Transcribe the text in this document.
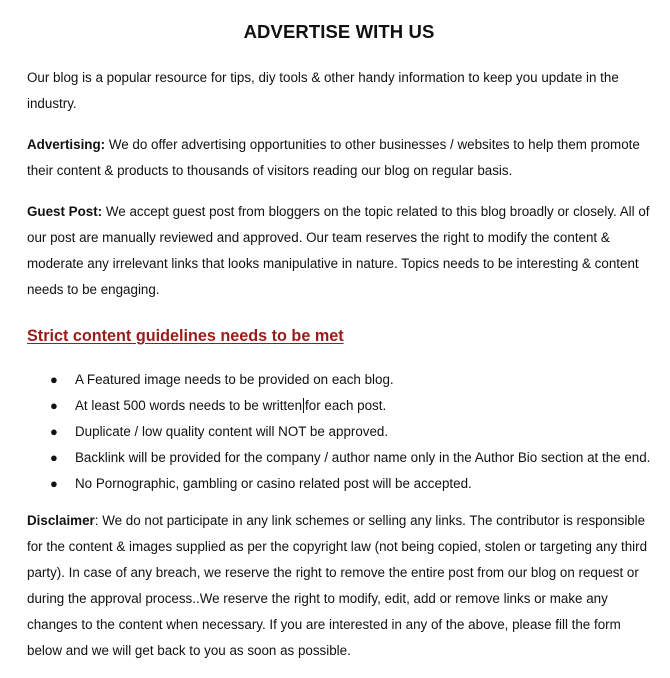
ADVERTISE WITH US

Our blog is a popular resource for tips, diy tools & other handy information to keep you update in the industry.

Advertising: We do offer advertising opportunities to other businesses / websites to help them promote their content & products to thousands of visitors reading our blog on regular basis.

Guest Post: We accept guest post from bloggers on the topic related to this blog broadly or closely. All of our post are manually reviewed and approved. Our team reserves the right to modify the content & moderate any irrelevant links that looks manipulative in nature. Topics needs to be interesting & content needs to be engaging.

Strict content guidelines needs to be met
● A Featured image needs to be provided on each blog.
● At least 500 words needs to be written for each post.
● Duplicate / low quality content will NOT be approved.
● Backlink will be provided for the company / author name only in the Author Bio section at the end.
● No Pornographic, gambling or casino related post will be accepted.

Disclaimer: We do not participate in any link schemes or selling any links. The contributor is responsible for the content & images supplied as per the copyright law (not being copied, stolen or targeting any third party). In case of any breach, we reserve the right to remove the entire post from our blog on request or during the approval process..We reserve the right to modify, edit, add or remove links or make any changes to the content when necessary. If you are interested in any of the above, please fill the form below and we will get back to you as soon as possible.
